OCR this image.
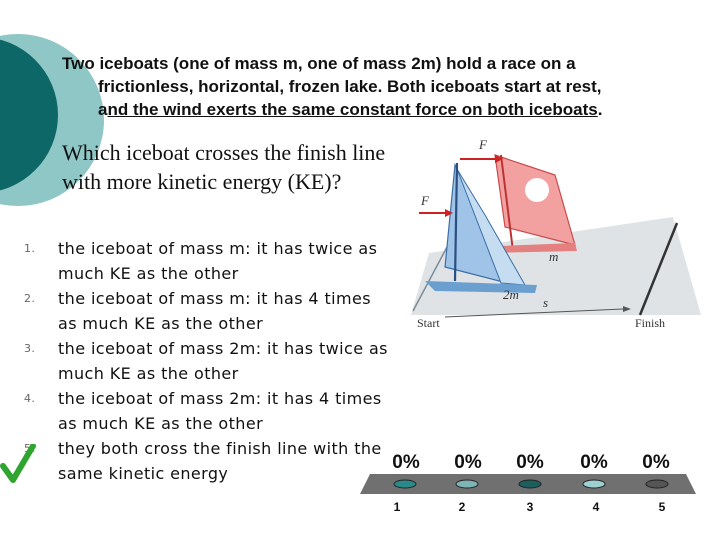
Two iceboats (one of mass m, one of mass 2m) hold a race on a
frictionless, horizontal, frozen lake. Both iceboats start at rest,
and the wind exerts the same constant force on both iceboats.
Which iceboat crosses the finish line with more kinetic energy (KE)?
1. the iceboat of mass m: it has twice as much KE as the other
2. the iceboat of mass m: it has 4 times as much KE as the other
3. the iceboat of mass 2m: it has twice as much KE as the other
4. the iceboat of mass 2m: it has 4 times as much KE as the other
5. they both cross the finish line with the same kinetic energy
F
F
m
2m
s
Start	Finish
0%	0%	0%	0%	0%
1	2	3	4	5
